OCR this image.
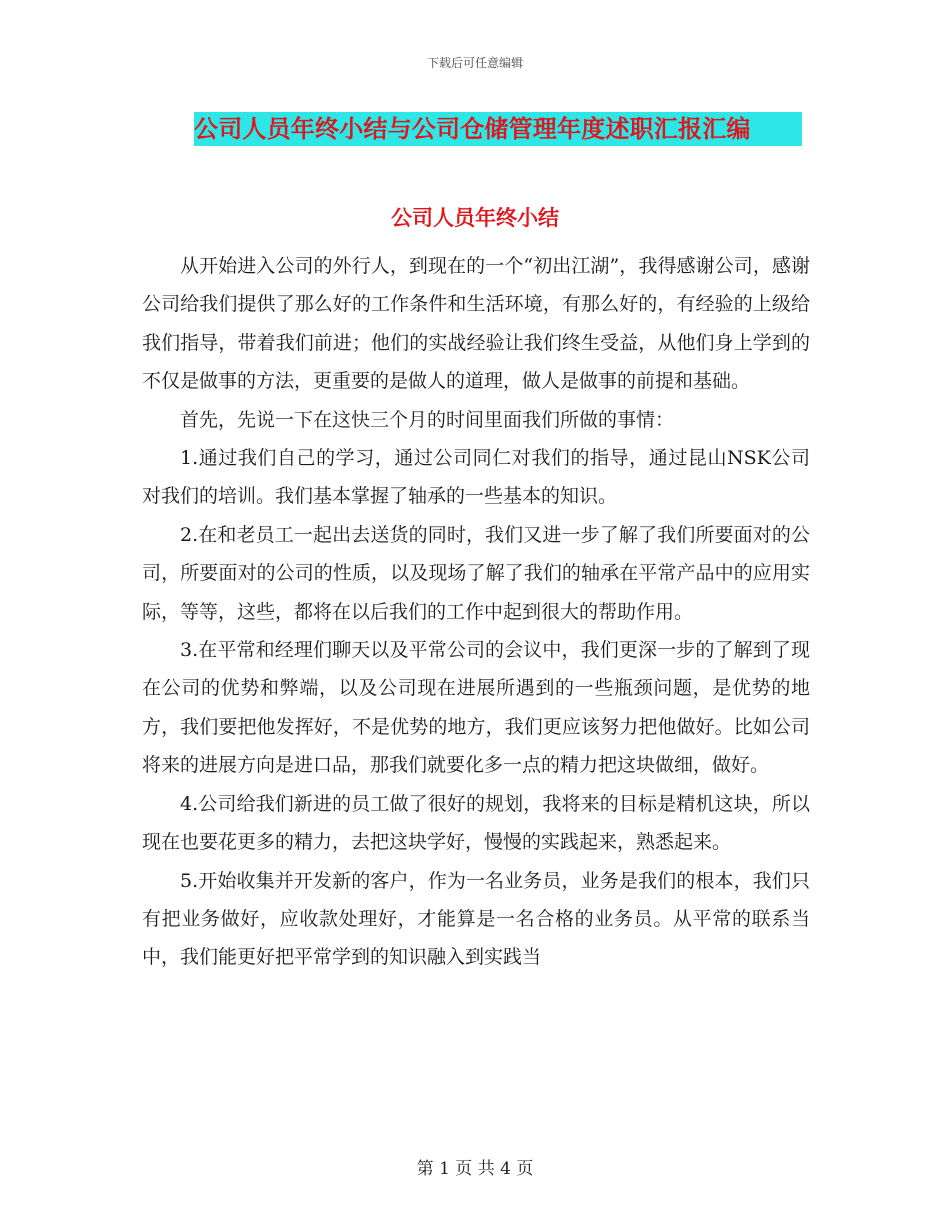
下载后可任意编辑
公司人员年终小结与公司仓储管理年度述职汇报汇编
公司人员年终小结

从开始进入公司的外行人，到现在的一个“初出江湖”，我得感谢公司，感谢公司给我们提供了那么好的工作条件和生活环境，有那么好的，有经验的上级给我们指导，带着我们前进；他们的实战经验让我们终生受益，从他们身上学到的不仅是做事的方法，更重要的是做人的道理，做人是做事的前提和基础。

首先，先说一下在这快三个月的时间里面我们所做的事情：

1.通过我们自己的学习，通过公司同仁对我们的指导，通过昆山NSK公司对我们的培训。我们基本掌握了轴承的一些基本的知识。

2.在和老员工一起出去送货的同时，我们又进一步了解了我们所要面对的公司，所要面对的公司的性质，以及现场了解了我们的轴承在平常产品中的应用实际，等等，这些，都将在以后我们的工作中起到很大的帮助作用。

3.在平常和经理们聊天以及平常公司的会议中，我们更深一步的了解到了现在公司的优势和弊端，以及公司现在进展所遇到的一些瓶颈问题，是优势的地方，我们要把他发挥好，不是优势的地方，我们更应该努力把他做好。比如公司将来的进展方向是进口品，那我们就要化多一点的精力把这块做细，做好。

4.公司给我们新进的员工做了很好的规划，我将来的目标是精机这块，所以现在也要花更多的精力，去把这块学好，慢慢的实践起来，熟悉起来。

5.开始收集并开发新的客户，作为一名业务员，业务是我们的根本，我们只有把业务做好，应收款处理好，才能算是一名合格的业务员。从平常的联系当中，我们能更好把平常学到的知识融入到实践当

第 1 页 共 4 页
